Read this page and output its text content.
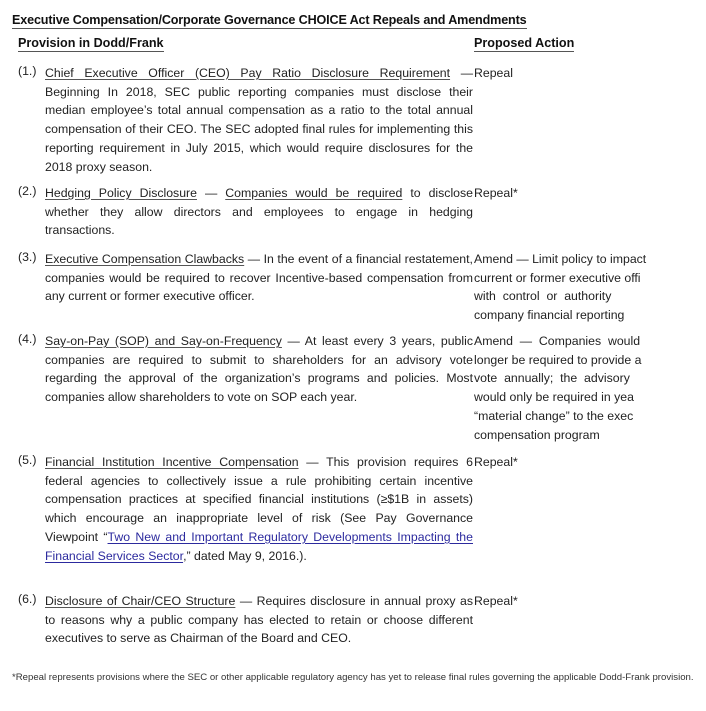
Executive Compensation/Corporate Governance CHOICE Act Repeals and Amendments
Provision in Dodd/Frank	Proposed Action
(1.) Chief Executive Officer (CEO) Pay Ratio Disclosure Requirement — Beginning In 2018, SEC public reporting companies must disclose their median employee’s total annual compensation as a ratio to the total annual compensation of their CEO. The SEC adopted final rules for implementing this reporting requirement in July 2015, which would require disclosures for the 2018 proxy season.
Repeal
(2.) Hedging Policy Disclosure — Companies would be required to disclose whether they allow directors and employees to engage in hedging transactions.
Repeal*
(3.) Executive Compensation Clawbacks — In the event of a financial restatement, companies would be required to recover Incentive-based compensation from any current or former executive officer.
Amend — Limit policy to impact
current or former executive offi
with  control  or  authority
company financial reporting
(4.) Say-on-Pay (SOP) and Say-on-Frequency — At least every 3 years, public companies are required to submit to shareholders for an advisory vote regarding the approval of the organization’s programs and policies. Most companies allow shareholders to vote on SOP each year.
Amend  —  Companies  would
longer be required to provide a
vote  annually;  the  advisory
would only be required in yea
“material change” to the exec
compensation program
(5.) Financial Institution Incentive Compensation — This provision requires 6 federal agencies to collectively issue a rule prohibiting certain incentive compensation practices at specified financial institutions (≥$1B in assets) which encourage an inappropriate level of risk (See Pay Governance Viewpoint “Two New and Important Regulatory Developments Impacting the Financial Services Sector,” dated May 9, 2016.).
Repeal*
(6.) Disclosure of Chair/CEO Structure — Requires disclosure in annual proxy as to reasons why a public company has elected to retain or choose different executives to serve as Chairman of the Board and CEO.
Repeal*
*Repeal represents provisions where the SEC or other applicable regulatory agency has yet to release final rules governing the applicable Dodd-Frank provision.
